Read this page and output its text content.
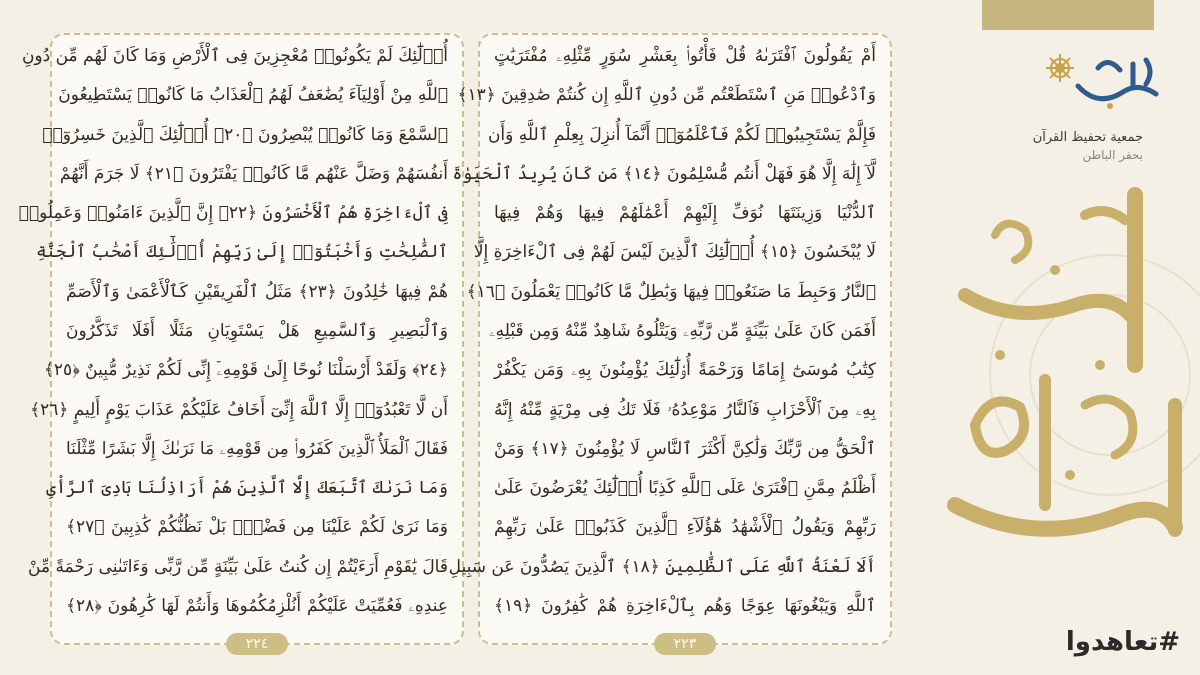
أُو۟لَٰٓئِكَ لَمْ يَكُونُوا۟ مُعْجِزِينَ فِى ٱلْأَرْضِ وَمَا كَانَ لَهُم مِّن دُونِ
ٱللَّهِ مِنْ أَوْلِيَآءَ يُضَٰعَفُ لَهُمُ ٱلْعَذَابُ مَا كَانُوا۟ يَسْتَطِيعُونَ
ٱلسَّمْعَ وَمَا كَانُوا۟ يُبْصِرُونَ ﴿٢٠﴾ أُو۟لَٰٓئِكَ ٱلَّذِينَ خَسِرُوٓا۟
أَنفُسَهُمْ وَضَلَّ عَنْهُم مَّا كَانُوا۟ يَفْتَرُونَ ﴿٢١﴾ لَا جَرَمَ أَنَّهُمْ
فِى ٱلْءَاخِرَةِ هُمُ ٱلْأَخْسَرُونَ ﴿٢٢﴾ إِنَّ ٱلَّذِينَ ءَامَنُوا۟ وَعَمِلُوا۟
ٱلصَّٰلِحَٰتِ وَأَخْبَتُوٓا۟ إِلَىٰ رَبِّهِمْ أُو۟لَٰٓئِكَ أَصْحَٰبُ ٱلْجَنَّةِ
هُمْ فِيهَا خَٰلِدُونَ ﴿٢٣﴾ مَثَلُ ٱلْفَرِيقَيْنِ كَٱلْأَعْمَىٰ وَٱلْأَصَمِّ
وَٱلْبَصِيرِ وَٱلسَّمِيعِ هَلْ يَسْتَوِيَانِ مَثَلًا أَفَلَا تَذَكَّرُونَ
﴿٢٤﴾ وَلَقَدْ أَرْسَلْنَا نُوحًا إِلَىٰ قَوْمِهِۦٓ إِنِّى لَكُمْ نَذِيرٌ مُّبِينٌ ﴿٢٥﴾
أَن لَّا تَعْبُدُوٓا۟ إِلَّا ٱللَّهَ إِنِّىٓ أَخَافُ عَلَيْكُمْ عَذَابَ يَوْمٍ أَلِيمٍ ﴿٢٦﴾
فَقَالَ ٱلْمَلَأُ ٱلَّذِينَ كَفَرُوا۟ مِن قَوْمِهِۦ مَا نَرَىٰكَ إِلَّا بَشَرًا مِّثْلَنَا
وَمَا نَرَىٰكَ ٱتَّبَعَكَ إِلَّا ٱلَّذِينَ هُمْ أَرَاذِلُنَا بَادِىَ ٱلرَّأْىِ
وَمَا نَرَىٰ لَكُمْ عَلَيْنَا مِن فَضْلٍۭ بَلْ نَظُنُّكُمْ كَٰذِبِينَ ﴿٢٧﴾
قَالَ يَٰقَوْمِ أَرَءَيْتُمْ إِن كُنتُ عَلَىٰ بَيِّنَةٍ مِّن رَّبِّى وَءَاتَىٰنِى رَحْمَةً مِّنْ
عِندِهِۦ فَعُمِّيَتْ عَلَيْكُمْ أَنُلْزِمُكُمُوهَا وَأَنتُمْ لَهَا كَٰرِهُونَ ﴿٢٨﴾
٢٢٤
أَمْ يَقُولُونَ ٱفْتَرَىٰهُ قُلْ فَأْتُوا۟ بِعَشْرِ سُوَرٍ مِّثْلِهِۦ مُفْتَرَيَٰتٍ
وَٱدْعُوا۟ مَنِ ٱسْتَطَعْتُم مِّن دُونِ ٱللَّهِ إِن كُنتُمْ صَٰدِقِينَ ﴿١٣﴾
فَإِلَّمْ يَسْتَجِيبُوا۟ لَكُمْ فَٱعْلَمُوٓا۟ أَنَّمَآ أُنزِلَ بِعِلْمِ ٱللَّهِ وَأَن
لَّآ إِلَٰهَ إِلَّا هُوَ فَهَلْ أَنتُم مُّسْلِمُونَ ﴿١٤﴾ مَن كَانَ يُرِيدُ ٱلْحَيَوٰةَ
ٱلدُّنْيَا وَزِينَتَهَا نُوَفِّ إِلَيْهِمْ أَعْمَٰلَهُمْ فِيهَا وَهُمْ فِيهَا
لَا يُبْخَسُونَ ﴿١٥﴾ أُو۟لَٰٓئِكَ ٱلَّذِينَ لَيْسَ لَهُمْ فِى ٱلْءَاخِرَةِ إِلَّا
ٱلنَّارُ وَحَبِطَ مَا صَنَعُوا۟ فِيهَا وَبَٰطِلٌ مَّا كَانُوا۟ يَعْمَلُونَ ﴿١٦﴾
أَفَمَن كَانَ عَلَىٰ بَيِّنَةٍ مِّن رَّبِّهِۦ وَيَتْلُوهُ شَاهِدٌ مِّنْهُ وَمِن قَبْلِهِۦ
كِتَٰبُ مُوسَىٰٓ إِمَامًا وَرَحْمَةً أُو۟لَٰٓئِكَ يُؤْمِنُونَ بِهِۦ وَمَن يَكْفُرْ
بِهِۦ مِنَ ٱلْأَحْزَابِ فَٱلنَّارُ مَوْعِدُهُۥ فَلَا تَكُ فِى مِرْيَةٍ مِّنْهُ إِنَّهُ
ٱلْحَقُّ مِن رَّبِّكَ وَلَٰكِنَّ أَكْثَرَ ٱلنَّاسِ لَا يُؤْمِنُونَ ﴿١٧﴾ وَمَنْ
أَظْلَمُ مِمَّنِ ٱفْتَرَىٰ عَلَى ٱللَّهِ كَذِبًا أُو۟لَٰٓئِكَ يُعْرَضُونَ عَلَىٰ
رَبِّهِمْ وَيَقُولُ ٱلْأَشْهَٰدُ هَٰٓؤُلَآءِ ٱلَّذِينَ كَذَبُوا۟ عَلَىٰ رَبِّهِمْ
أَلَا لَعْنَةُ ٱللَّهِ عَلَى ٱلظَّٰلِمِينَ ﴿١٨﴾ ٱلَّذِينَ يَصُدُّونَ عَن سَبِيلِ
ٱللَّهِ وَيَبْغُونَهَا عِوَجًا وَهُم بِٱلْءَاخِرَةِ هُمْ كَٰفِرُونَ ﴿١٩﴾
٢٢٣
جمعية تحفيظ القرآن
بحفر الباطن
#تعاهدوا
